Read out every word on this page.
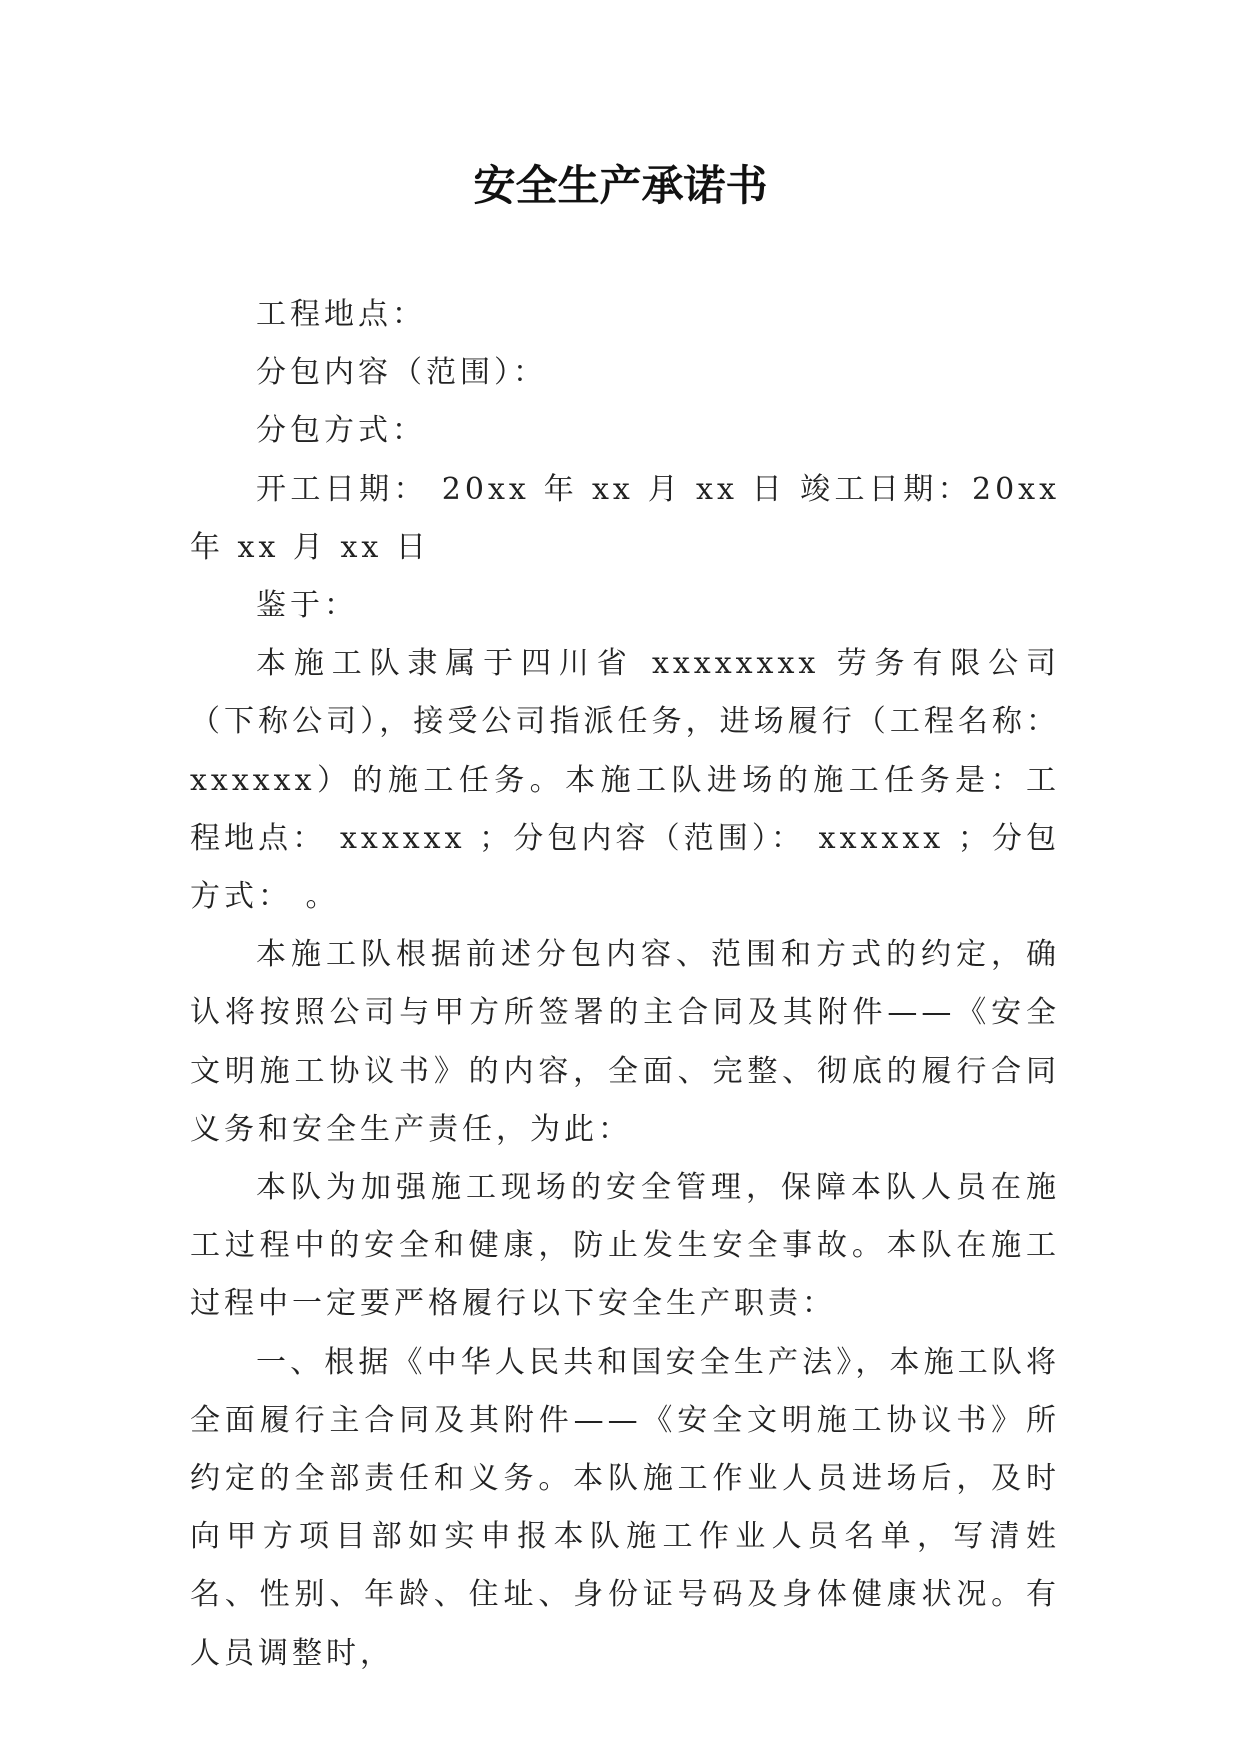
安全生产承诺书

工程地点：

分包内容（范围）：

分包方式：

开工日期： 20xx 年 xx 月 xx 日 竣工日期：20xx 年 xx 月 xx 日

鉴于：

本施工队隶属于四川省 xxxxxxxx 劳务有限公司（下称公司），接受公司指派任务，进场履行（工程名称：xxxxxx）的施工任务。本施工队进场的施工任务是：工程地点： xxxxxx ；分包内容（范围）： xxxxxx ；分包方式： 。

本施工队根据前述分包内容、范围和方式的约定，确认将按照公司与甲方所签署的主合同及其附件——《安全文明施工协议书》的内容，全面、完整、彻底的履行合同义务和安全生产责任，为此：

本队为加强施工现场的安全管理，保障本队人员在施工过程中的安全和健康，防止发生安全事故。本队在施工过程中一定要严格履行以下安全生产职责：

一、根据《中华人民共和国安全生产法》，本施工队将全面履行主合同及其附件——《安全文明施工协议书》所约定的全部责任和义务。本队施工作业人员进场后，及时向甲方项目部如实申报本队施工作业人员名单，写清姓名、性别、年龄、住址、身份证号码及身体健康状况。有人员调整时，
